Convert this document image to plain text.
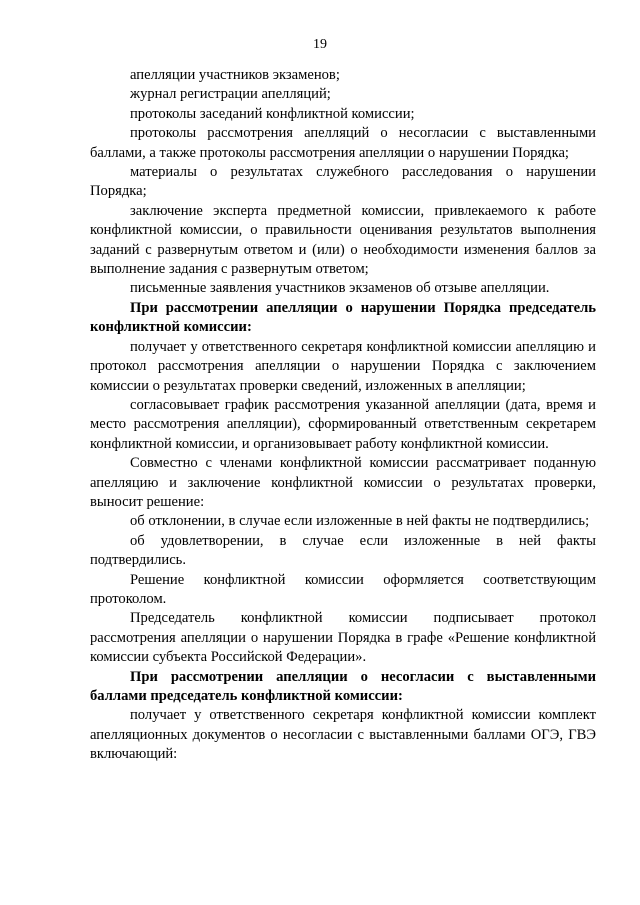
19

апелляции участников экзаменов;

журнал регистрации апелляций;

протоколы заседаний конфликтной комиссии;

протоколы рассмотрения апелляций о несогласии с выставленными баллами, а также протоколы рассмотрения апелляции о нарушении Порядка;

материалы о результатах служебного расследования о нарушении Порядка;

заключение эксперта предметной комиссии, привлекаемого к работе конфликтной комиссии, о правильности оценивания результатов выполнения заданий с развернутым ответом и (или) о необходимости изменения баллов за выполнение задания с развернутым ответом;

письменные заявления участников экзаменов об отзыве апелляции.

При рассмотрении апелляции о нарушении Порядка председатель конфликтной комиссии:

получает у ответственного секретаря конфликтной комиссии апелляцию и протокол рассмотрения апелляции о нарушении Порядка с заключением комиссии о результатах проверки сведений, изложенных в апелляции;

согласовывает график рассмотрения указанной апелляции (дата, время и место рассмотрения апелляции), сформированный ответственным секретарем конфликтной комиссии, и организовывает работу конфликтной комиссии.

Совместно с членами конфликтной комиссии рассматривает поданную апелляцию и заключение конфликтной комиссии о результатах проверки, выносит решение:

об отклонении, в случае если изложенные в ней факты не подтвердились;

об удовлетворении, в случае если изложенные в ней факты подтвердились.

Решение конфликтной комиссии оформляется соответствующим протоколом.

Председатель конфликтной комиссии подписывает протокол рассмотрения апелляции о нарушении Порядка в графе «Решение конфликтной комиссии субъекта Российской Федерации».

При рассмотрении апелляции о несогласии с выставленными баллами председатель конфликтной комиссии:

получает у ответственного секретаря конфликтной комиссии комплект апелляционных документов о несогласии с выставленными баллами ОГЭ, ГВЭ включающий:
